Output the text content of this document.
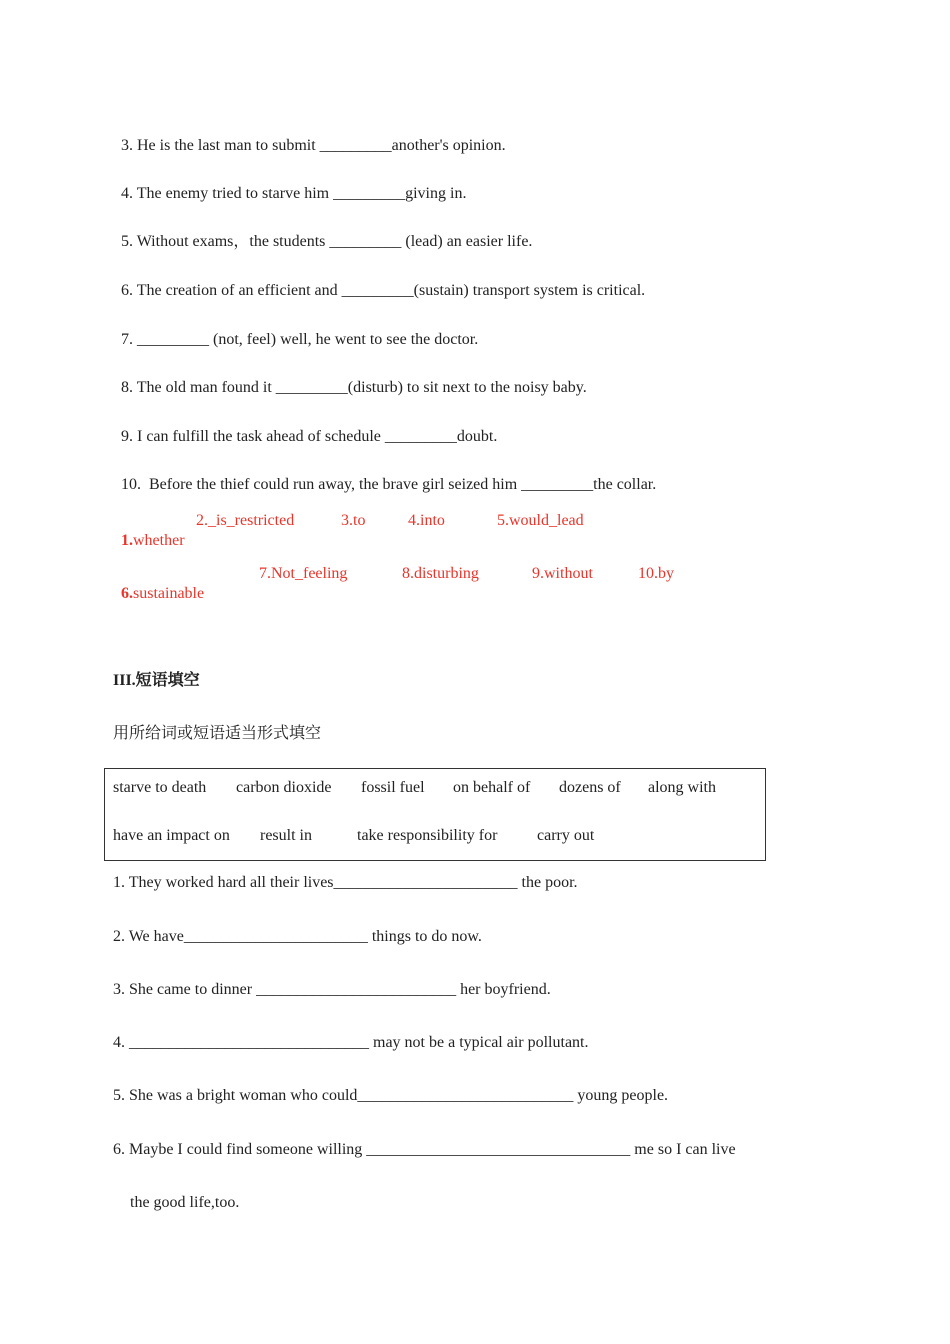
3. He is the last man to submit _________another's opinion.

4. The enemy tried to starve him _________giving in.

5. Without exams，the students _________ (lead) an easier life.

6. The creation of an efficient and _________(sustain) transport system is critical.

7. _________ (not, feel) well, he went to see the doctor.

8. The old man found it _________(disturb) to sit next to the noisy baby.

9. I can fulfill the task ahead of schedule _________doubt.

10. Before the thief could run away, the brave girl seized him _________the collar.

1.whether

2._is_restricted	3.to	4.into	5.would_lead

6.sustainable

7.Not_feeling	8.disturbing	9.without	10.by
III.短语填空
用所给词或短语适当形式填空
starve to death carbon dioxide fossil fuel on behalf of dozens of along with
have an impact on result in	take responsibility for carry out
1. They worked hard all their lives_______________________ the poor.
2. We have_______________________ things to do now.
3. She came to dinner _________________________ her boyfriend.
4. ______________________________ may not be a typical air pollutant.
5. She was a bright woman who could___________________________ young people.
6. Maybe I could find someone willing _________________________________ me so I can live
the good life,too.
